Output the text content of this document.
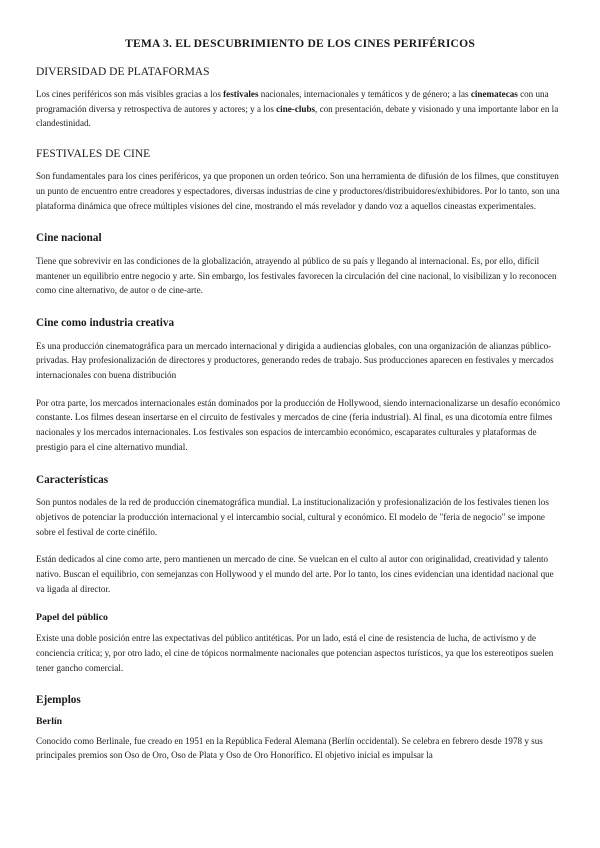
TEMA 3. EL DESCUBRIMIENTO DE LOS CINES PERIFÉRICOS
DIVERSIDAD DE PLATAFORMAS

Los cines periféricos son más visibles gracias a los festivales nacionales, internacionales y temáticos y de género; a las cinematecas con una programación diversa y retrospectiva de autores y actores; y a los cine-clubs, con presentación, debate y visionado y una importante labor en la clandestinidad.

FESTIVALES DE CINE

Son fundamentales para los cines periféricos, ya que proponen un orden teórico. Son una herramienta de difusión de los filmes, que constituyen un punto de encuentro entre creadores y espectadores, diversas industrias de cine y productores/distribuidores/exhibidores. Por lo tanto, son una plataforma dinámica que ofrece múltiples visiones del cine, mostrando el más revelador y dando voz a aquellos cineastas experimentales.

Cine nacional

Tiene que sobrevivir en las condiciones de la globalización, atrayendo al público de su país y llegando al internacional. Es, por ello, difícil mantener un equilibrio entre negocio y arte. Sin embargo, los festivales favorecen la circulación del cine nacional, lo visibilizan y lo reconocen como cine alternativo, de autor o de cine-arte.

Cine como industria creativa

Es una producción cinematográfica para un mercado internacional y dirigida a audiencias globales, con una organización de alianzas público-privadas. Hay profesionalización de directores y productores, generando redes de trabajo. Sus producciones aparecen en festivales y mercados internacionales con buena distribución

Por otra parte, los mercados internacionales están dominados por la producción de Hollywood, siendo internacionalizarse un desafío económico constante. Los filmes desean insertarse en el circuito de festivales y mercados de cine (feria industrial). Al final, es una dicotomía entre filmes nacionales y los mercados internacionales. Los festivales son espacios de intercambio económico, escaparates culturales y plataformas de prestigio para el cine alternativo mundial.

Características

Son puntos nodales de la red de producción cinematográfica mundial. La institucionalización y profesionalización de los festivales tienen los objetivos de potenciar la producción internacional y el intercambio social, cultural y económico. El modelo de "feria de negocio" se impone sobre el festival de corte cinéfilo.

Están dedicados al cine como arte, pero mantienen un mercado de cine. Se vuelcan en el culto al autor con originalidad, creatividad y talento nativo. Buscan el equilibrio, con semejanzas con Hollywood y el mundo del arte. Por lo tanto, los cines evidencian una identidad nacional que va ligada al director.

Papel del público

Existe una doble posición entre las expectativas del público antitéticas. Por un lado, está el cine de resistencia de lucha, de activismo y de conciencia crítica; y, por otro lado, el cine de tópicos normalmente nacionales que potencian aspectos turísticos, ya que los estereotipos suelen tener gancho comercial.

Ejemplos
Berlín

Conocido como Berlinale, fue creado en 1951 en la República Federal Alemana (Berlín occidental). Se celebra en febrero desde 1978 y sus principales premios son Oso de Oro, Oso de Plata y Oso de Oro Honorífico. El objetivo inicial es impulsar la
